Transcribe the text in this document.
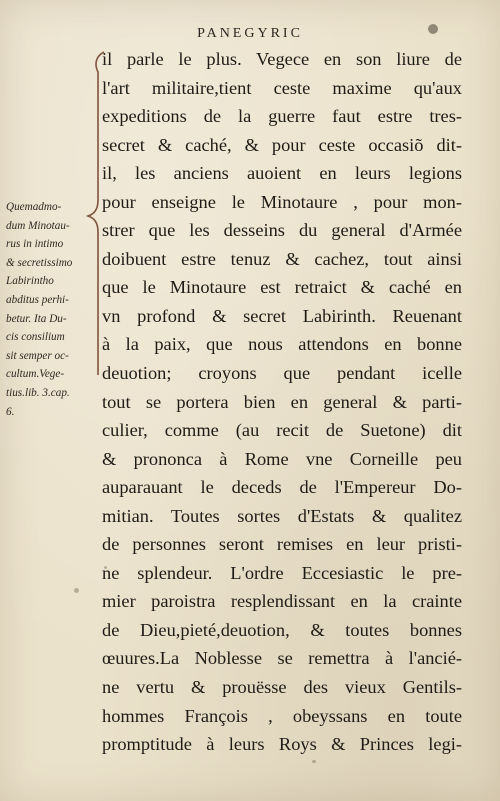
PANEGYRIC
Quemadmo-
dum Minotau-
rus in intimo
& secretissimo
Labirintho
abditus perhi-
betur. Ita Du-
cis consilium
sit semper oc-
cultum.Vege-
tius.lib. 3.cap.
6.
il parle le plus. Vegece en son liure de
l'art militaire,tient ceste maxime qu'aux
expeditions de la guerre faut estre tres-
secret & caché, & pour ceste occasiõ dit-
il, les anciens auoient en leurs legions
pour enseigne le Minotaure , pour mon-
strer que les desseins du general d'Armée
doibuent estre tenuz & cachez, tout ainsi
que le Minotaure est retraict & caché en
vn profond & secret Labirinth. Reuenant
à la paix, que nous attendons en bonne
deuotion; croyons que pendant icelle
tout se portera bien en general & parti-
culier, comme (au recit de Suetone) dit
& prononca à Rome vne Corneille peu
auparauant le deceds de l'Empereur Do-
mitian. Toutes sortes d'Estats & qualitez
de personnes seront remises en leur pristi-
ne splendeur. L'ordre Eccesiastic le pre-
mier paroistra resplendissant en la crainte
de Dieu,pieté,deuotion, & toutes bonnes
œuures.La Noblesse se remettra à l'ancié-
ne vertu & prouësse des vieux Gentils-
hommes François , obeyssans en toute
promptitude à leurs Roys & Princes legi-
